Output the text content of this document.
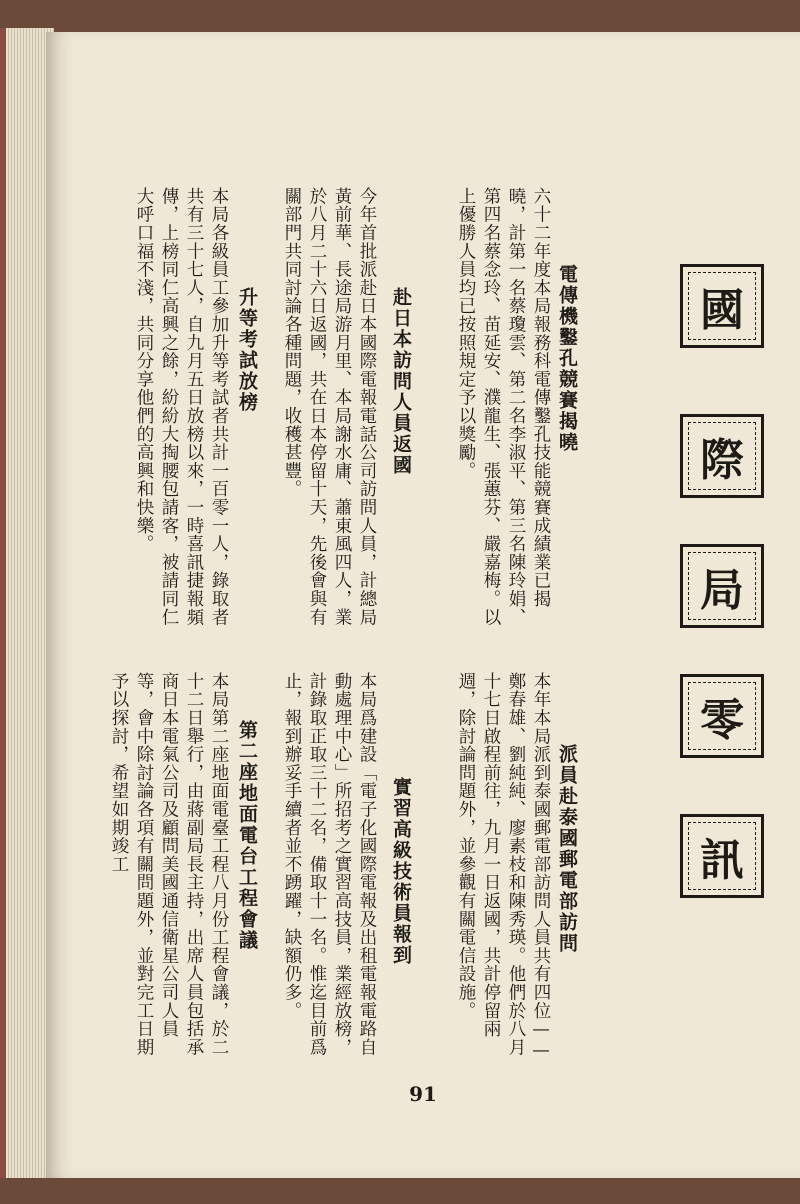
國
際
局
零
訊
電傳機鑿孔競賽揭曉

六十二年度本局報務科電傳鑿孔技能競賽成績業已揭曉，計第一名蔡瓊雲、第二名李淑平、第三名陳玲娟、第四名蔡念玲、苗延安、濮龍生、張蕙芬、嚴嘉梅。以上優勝人員均已按照規定予以獎勵。

派員赴泰國郵電部訪問

本年本局派到泰國郵電部訪問人員共有四位——鄭春雄、劉純純、廖素枝和陳秀瑛。他們於八月十七日啟程前往，九月一日返國，共計停留兩週，除討論問題外，並參觀有關電信設施。

赴日本訪問人員返國

今年首批派赴日本國際電報電話公司訪問人員，計總局黃前華、長途局游月里、本局謝水庸、蕭東風四人，業於八月二十六日返國，共在日本停留十天，先後會與有關部門共同討論各種問題，收穫甚豐。

實習高級技術員報到

本局爲建設「電子化國際電報及出租電報電路自動處理中心」所招考之實習高技員，業經放榜，計錄取正取三十二名，備取十一名。惟迄目前爲止，報到辦妥手續者並不踴躍，缺額仍多。

升等考試放榜

本局各級員工參加升等考試者共計一百零一人，錄取者共有三十七人，自九月五日放榜以來，一時喜訊捷報頻傳，上榜同仁高興之餘，紛紛大掏腰包請客，被請同仁大呼口福不淺，共同分享他們的高興和快樂。

第二座地面電台工程會議

本局第二座地面電臺工程八月份工程會議，於二十二日舉行，由蔣副局長主持，出席人員包括承商日本電氣公司及顧問美國通信衛星公司人員等，會中除討論各項有關問題外，並對完工日期予以探討，希望如期竣工

91
